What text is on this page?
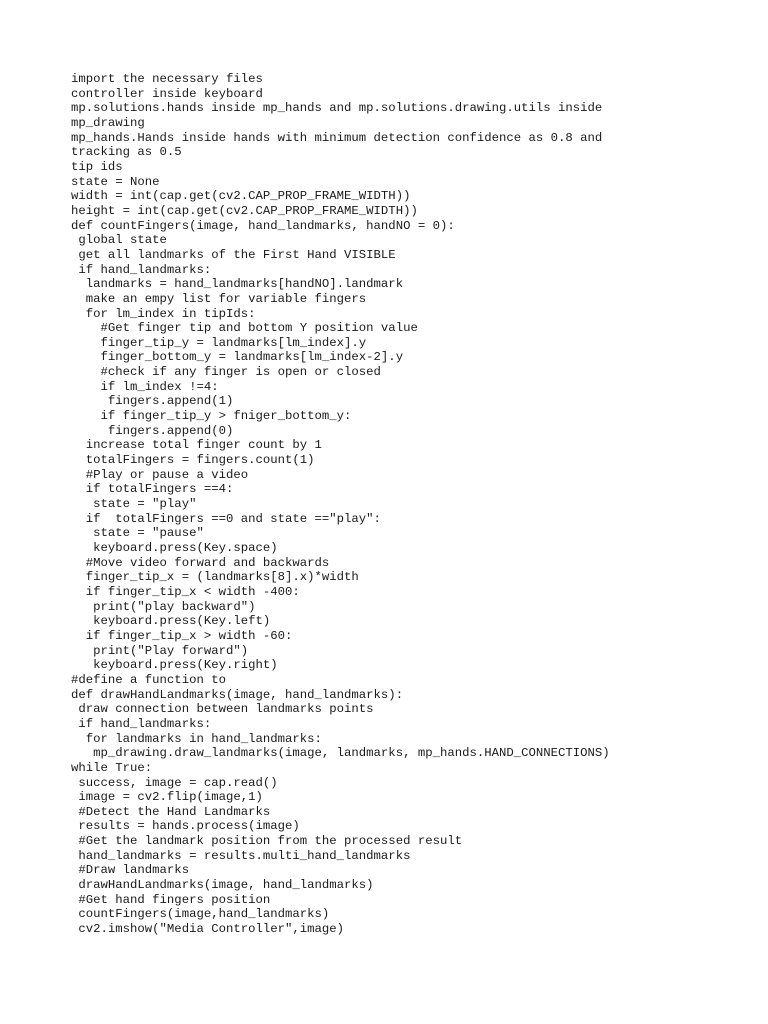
import the necessary files
controller inside keyboard
mp.solutions.hands inside mp_hands and mp.solutions.drawing.utils inside
mp_drawing
mp_hands.Hands inside hands with minimum detection confidence as 0.8 and
tracking as 0.5
tip ids
state = None
width = int(cap.get(cv2.CAP_PROP_FRAME_WIDTH))
height = int(cap.get(cv2.CAP_PROP_FRAME_WIDTH))
def countFingers(image, hand_landmarks, handNO = 0):
global state
get all landmarks of the First Hand VISIBLE
if hand_landmarks:
landmarks = hand_landmarks[handNO].landmark
make an empy list for variable fingers
for lm_index in tipIds:
#Get finger tip and bottom Y position value
finger_tip_y = landmarks[lm_index].y
finger_bottom_y = landmarks[lm_index-2].y
#check if any finger is open or closed
if lm_index !=4:
fingers.append(1)
if finger_tip_y > fniger_bottom_y:
fingers.append(0)
increase total finger count by 1
totalFingers = fingers.count(1)
#Play or pause a video
if totalFingers ==4:
state = "play"
if  totalFingers ==0 and state =="play":
state = "pause"
keyboard.press(Key.space)
#Move video forward and backwards
finger_tip_x = (landmarks[8].x)*width
if finger_tip_x < width -400:
print("play backward")
keyboard.press(Key.left)
if finger_tip_x > width -60:
print("Play forward")
keyboard.press(Key.right)
#define a function to
def drawHandLandmarks(image, hand_landmarks):
draw connection between landmarks points
if hand_landmarks:
for landmarks in hand_landmarks:
mp_drawing.draw_landmarks(image, landmarks, mp_hands.HAND_CONNECTIONS)
while True:
success, image = cap.read()
image = cv2.flip(image,1)
#Detect the Hand Landmarks
results = hands.process(image)
#Get the landmark position from the processed result
hand_landmarks = results.multi_hand_landmarks
#Draw landmarks
drawHandLandmarks(image, hand_landmarks)
#Get hand fingers position
countFingers(image,hand_landmarks)
cv2.imshow("Media Controller",image)
